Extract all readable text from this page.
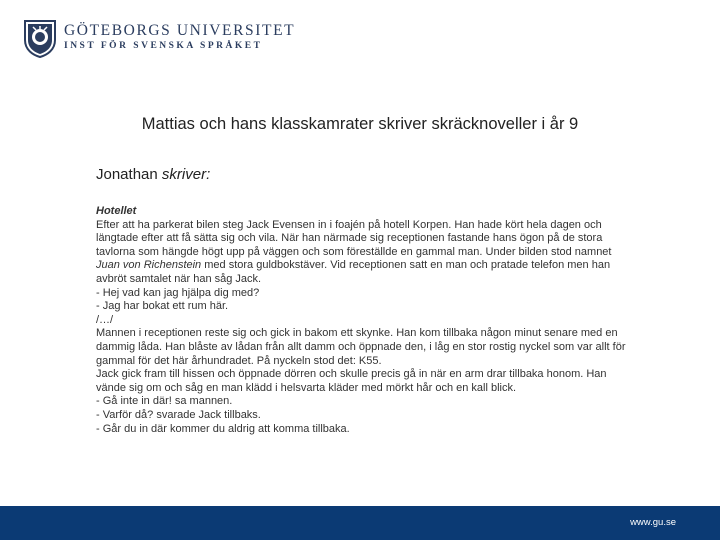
GÖTEBORGS UNIVERSITET
INST FÖR SVENSKA SPRÅKET
Mattias och hans klasskamrater skriver skräcknoveller i år 9
Jonathan skriver:

Hotellet

Efter att ha parkerat bilen steg Jack Evensen in i foajén på hotell Korpen. Han hade kört hela dagen och längtade efter att få sätta sig och vila. När han närmade sig receptionen fastande hans ögon på de stora tavlorna som hängde högt upp på väggen och som föreställde en gammal man. Under bilden stod namnet Juan von Richenstein med stora guldbokstäver. Vid receptionen satt en man och pratade telefon men han avbröt samtalet när han såg Jack.

- Hej vad kan jag hjälpa dig med?

- Jag har bokat ett rum här.

/…/

Mannen i receptionen reste sig och gick in bakom ett skynke. Han kom tillbaka någon minut senare med en dammig låda. Han blåste av lådan från allt damm och öppnade den, i låg en stor rostig nyckel som var allt för gammal för det här århundradet. På nyckeln stod det: K55.

Jack gick fram till hissen och öppnade dörren och skulle precis gå in när en arm drar tillbaka honom. Han vände sig om och såg en man klädd i helsvarta kläder med mörkt hår och en kall blick.

- Gå inte in där! sa mannen.

- Varför då? svarade Jack tillbaks.

- Går du in där kommer du aldrig att komma tillbaka.

www.gu.se
